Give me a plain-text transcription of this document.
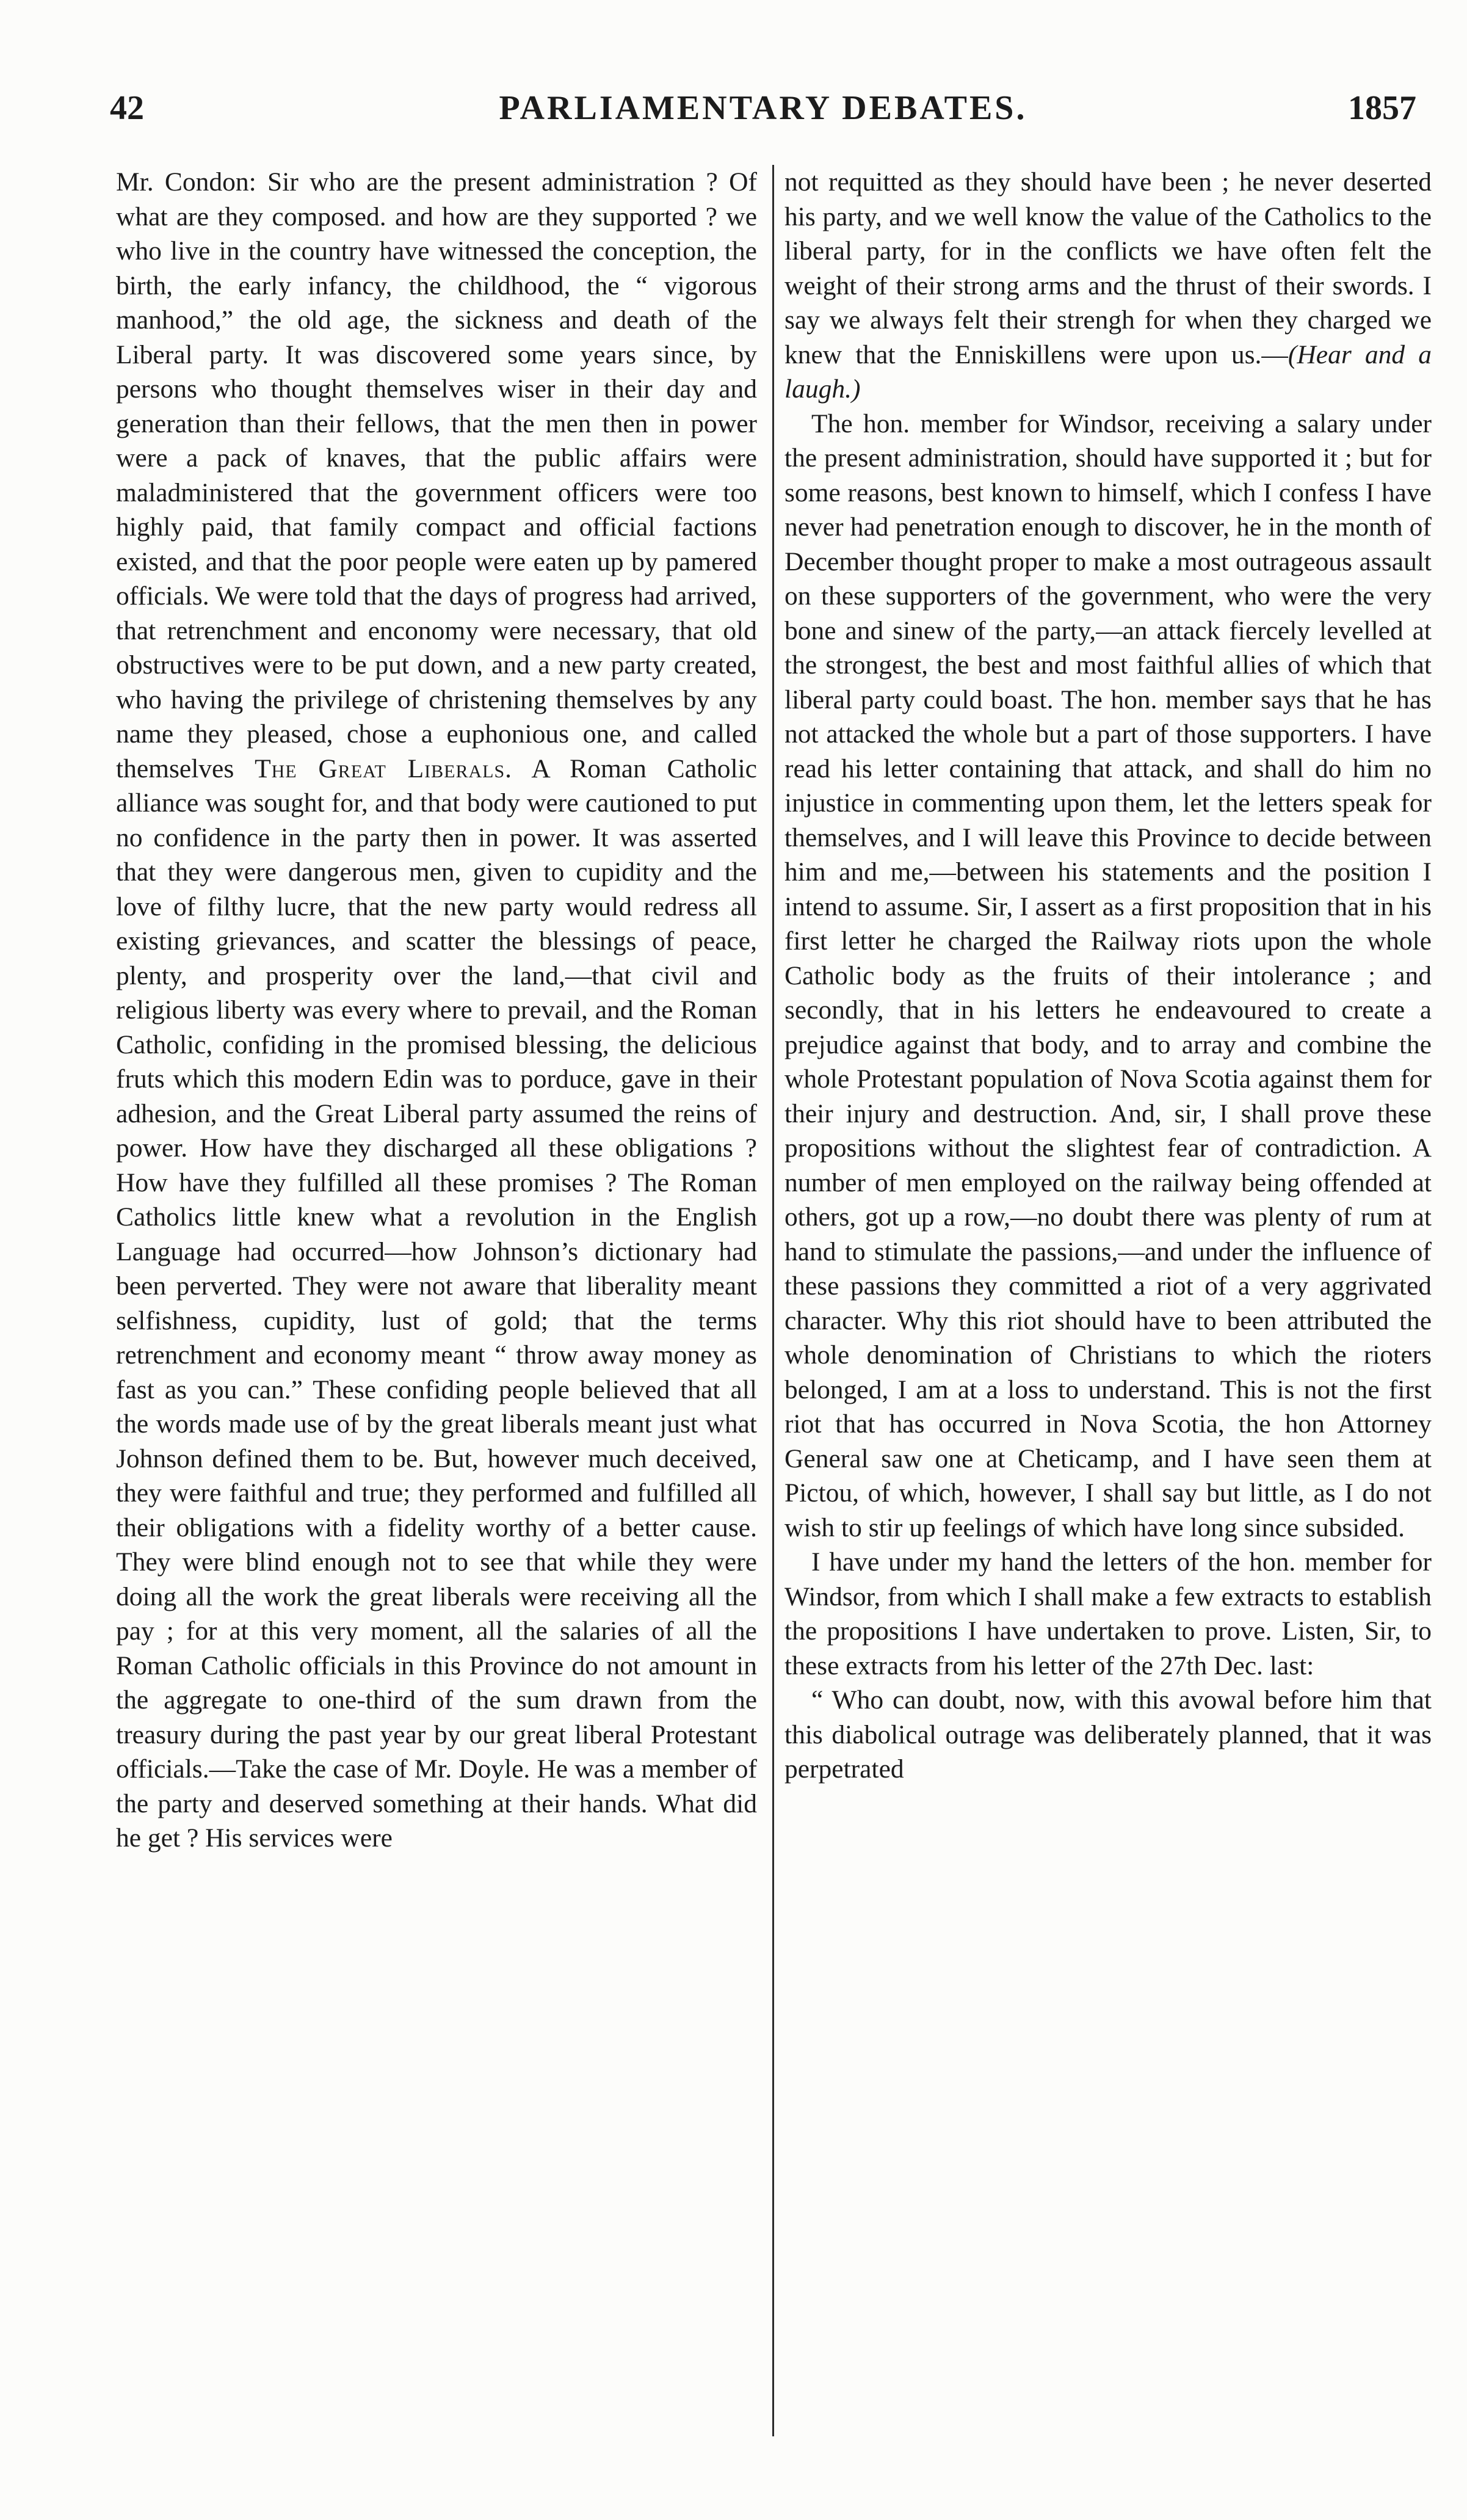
42	PARLIAMENTARY DEBATES.	1857

Mr. Condon: Sir who are the present administration ? Of what are they composed. and how are they supported ? we who live in the country have witnessed the conception, the birth, the early infancy, the childhood, the “ vigorous manhood,” the old age, the sickness and death of the Liberal party. It was discovered some years since, by persons who thought themselves wiser in their day and generation than their fellows, that the men then in power were a pack of knaves, that the public affairs were maladministered that the government officers were too highly paid, that family compact and official factions existed, and that the poor people were eaten up by pamered officials. We were told that the days of progress had arrived, that retrenchment and enconomy were necessary, that old obstructives were to be put down, and a new party created, who having the privilege of christening themselves by any name they pleased, chose a euphonious one, and called themselves The Great Liberals. A Roman Catholic alliance was sought for, and that body were cautioned to put no confidence in the party then in power. It was asserted that they were dangerous men, given to cupidity and the love of filthy lucre, that the new party would redress all existing grievances, and scatter the blessings of peace, plenty, and prosperity over the land,—that civil and religious liberty was every where to prevail, and the Roman Catholic, confiding in the promised blessing, the delicious fruts which this modern Edin was to porduce, gave in their adhesion, and the Great Liberal party assumed the reins of power. How have they discharged all these obligations ? How have they fulfilled all these promises ? The Roman Catholics little knew what a revolution in the English Language had occurred—how Johnson’s dictionary had been perverted. They were not aware that liberality meant selfishness, cupidity, lust of gold; that the terms retrenchment and economy meant “ throw away money as fast as you can.” These confiding people believed that all the words made use of by the great liberals meant just what Johnson defined them to be. But, however much deceived, they were faithful and true; they performed and fulfilled all their obligations with a fidelity worthy of a better cause. They were blind enough not to see that while they were doing all the work the great liberals were receiving all the pay ; for at this very moment, all the salaries of all the Roman Catholic officials in this Province do not amount in the aggregate to one-third of the sum drawn from the treasury during the past year by our great liberal Protestant officials.—Take the case of Mr. Doyle. He was a member of the party and deserved something at their hands. What did he get ? His services were

not requitted as they should have been ; he never deserted his party, and we well know the value of the Catholics to the liberal party, for in the conflicts we have often felt the weight of their strong arms and the thrust of their swords. I say we always felt their strengh for when they charged we knew that the Enniskillens were upon us.—(Hear and a laugh.)

The hon. member for Windsor, receiving a salary under the present administration, should have supported it ; but for some reasons, best known to himself, which I confess I have never had penetration enough to discover, he in the month of December thought proper to make a most outrageous assault on these supporters of the government, who were the very bone and sinew of the party,—an attack fiercely levelled at the strongest, the best and most faithful allies of which that liberal party could boast. The hon. member says that he has not attacked the whole but a part of those supporters. I have read his letter containing that attack, and shall do him no injustice in commenting upon them, let the letters speak for themselves, and I will leave this Province to decide between him and me,—between his statements and the position I intend to assume. Sir, I assert as a first proposition that in his first letter he charged the Railway riots upon the whole Catholic body as the fruits of their intolerance ; and secondly, that in his letters he endeavoured to create a prejudice against that body, and to array and combine the whole Protestant population of Nova Scotia against them for their injury and destruction. And, sir, I shall prove these propositions without the slightest fear of contradiction. A number of men employed on the railway being offended at others, got up a row,—no doubt there was plenty of rum at hand to stimulate the passions,—and under the influence of these passions they committed a riot of a very aggrivated character. Why this riot should have to been attributed the whole denomination of Christians to which the rioters belonged, I am at a loss to understand. This is not the first riot that has occurred in Nova Scotia, the hon Attorney General saw one at Cheticamp, and I have seen them at Pictou, of which, however, I shall say but little, as I do not wish to stir up feelings of which have long since subsided.

I have under my hand the letters of the hon. member for Windsor, from which I shall make a few extracts to establish the propositions I have undertaken to prove. Listen, Sir, to these extracts from his letter of the 27th Dec. last:

“ Who can doubt, now, with this avowal before him that this diabolical outrage was deliberately planned, that it was perpetrated
